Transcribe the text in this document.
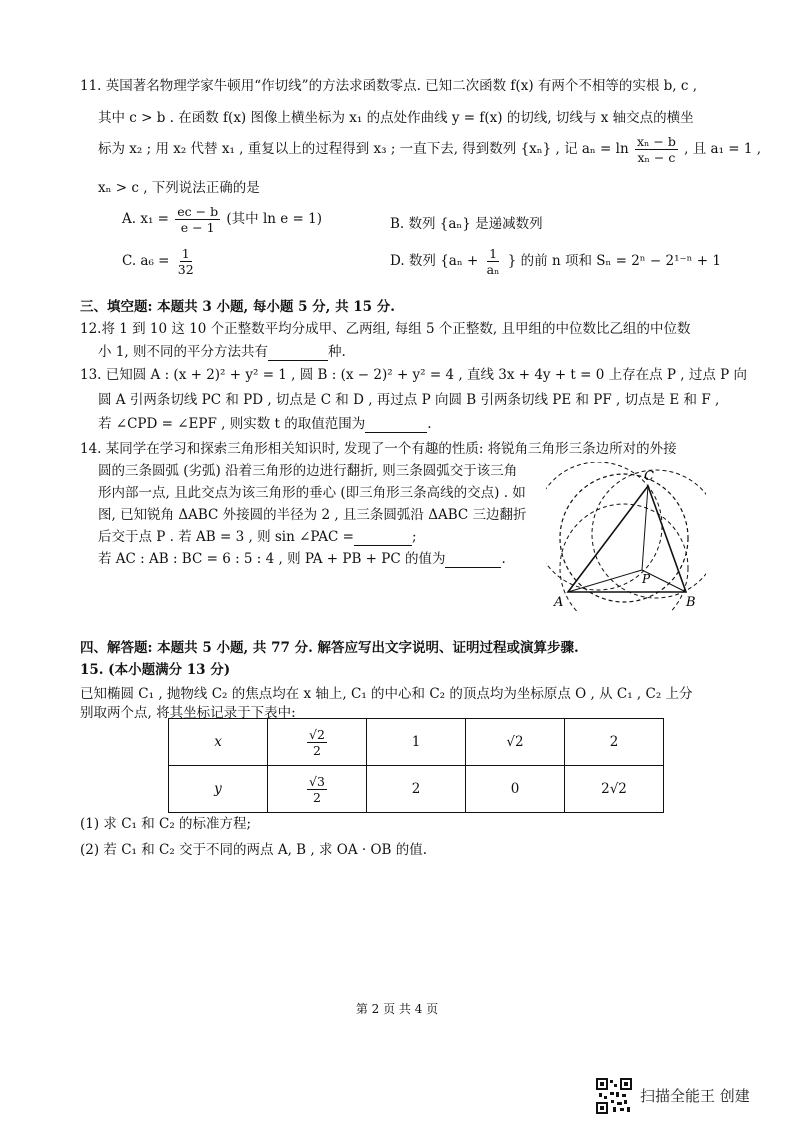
11. 英国著名物理学家牛顿用“作切线”的方法求函数零点. 已知二次函数 f(x) 有两个不相等的实根 b, c ,
其中 c > b . 在函数 f(x) 图像上横坐标为 x₁ 的点处作曲线 y = f(x) 的切线, 切线与 x 轴交点的横坐
标为 x₂ ; 用 x₂ 代替 x₁ , 重复以上的过程得到 x₃ ; 一直下去, 得到数列 {xₙ} , 记 $a_n = \ln \frac{\text{xₙ − b}}{\text{xₙ − c}}$ , 且 a₁ = 1 ,
xₙ > c , 下列说法正确的是
A. $x_1 = \frac{ec - b}{e - 1}$ (其中 ln e = 1)	B. 数列 {aₙ} 是递减数列
C. $a_6 = \frac{1}{32}$	D. 数列 {$a_n + \frac{1}{\text{aₙ}}$ } 的前 n 项和 Sₙ = 2ⁿ − 2¹⁻ⁿ + 1
三、填空题: 本题共 3 小题, 每小题 5 分, 共 15 分.
12.将 1 到 10 这 10 个正整数平均分成甲、乙两组, 每组 5 个正整数, 且甲组的中位数比乙组的中位数
小 1, 则不同的平分方法共有	种.
13. 已知圆 A : (x + 2)² + y² = 1 , 圆 B : (x − 2)² + y² = 4 , 直线 3x + 4y + t = 0 上存在点 P , 过点 P 向
圆 A 引两条切线 PC 和 PD , 切点是 C 和 D , 再过点 P 向圆 B 引两条切线 PE 和 PF , 切点是 E 和 F ,
若 ∠CPD = ∠EPF , 则实数 t 的取值范围为	.
14. 某同学在学习和探索三角形相关知识时, 发现了一个有趣的性质: 将锐角三角形三条边所对的外接
圆的三条圆弧 (劣弧) 沿着三角形的边进行翻折, 则三条圆弧交于该三角
形内部一点, 且此交点为该三角形的垂心 (即三角形三条高线的交点) . 如
图, 已知锐角 ΔABC 外接圆的半径为 2 , 且三条圆弧沿 ΔABC 三边翻折
后交于点 P . 若 AB = 3 , 则 sin ∠PAC =	;
若 AC : AB : BC = 6 : 5 : 4 , 则 PA + PB + PC 的值为	.
A	B
C
P
四、解答题: 本题共 5 小题, 共 77 分. 解答应写出文字说明、证明过程或演算步骤.
15. (本小题满分 13 分)
已知椭圆 C₁ , 抛物线 C₂ 的焦点均在 x 轴上, C₁ 的中心和 C₂ 的顶点均为坐标原点 O , 从 C₁ , C₂ 上分
别取两个点, 将其坐标记录于下表中:
x	$\frac{√2}{2}$	1	√2	2
y	$\frac{√3}{2}$	2	0	2√2
(1) 求 C₁ 和 C₂ 的标准方程;
(2) 若 C₁ 和 C₂ 交于不同的两点 A, B , 求 OA · OB 的值.
第 2 页 共 4 页
扫描全能王 创建
